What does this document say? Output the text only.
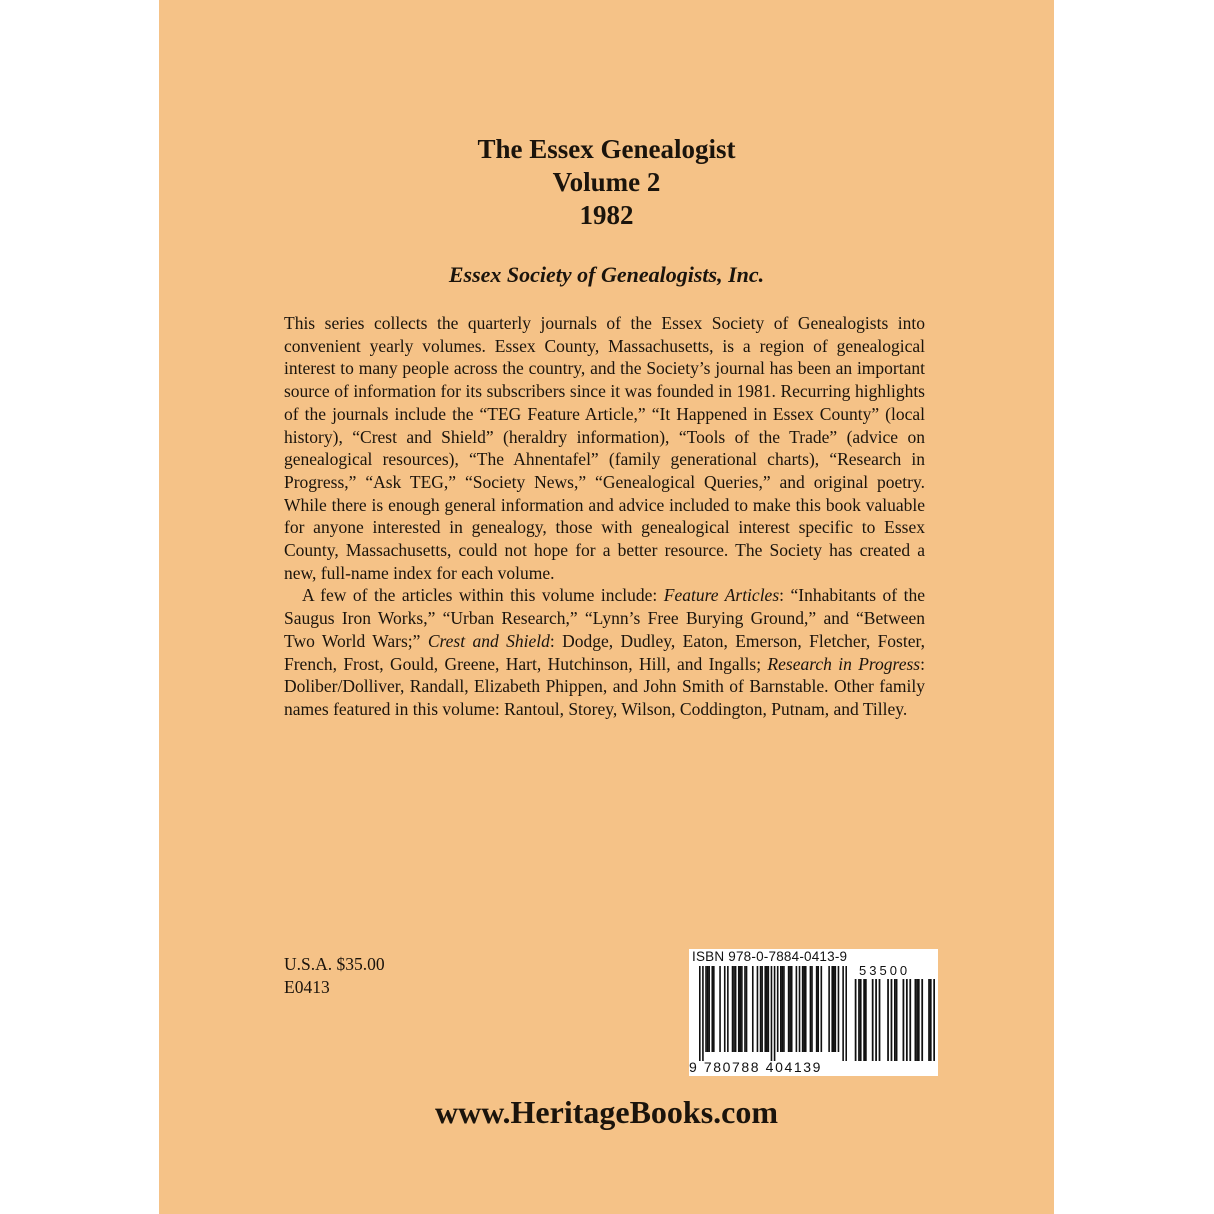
The Essex Genealogist
Volume 2
1982
Essex Society of Genealogists, Inc.

This series collects the quarterly journals of the Essex Society of Genealogists into convenient yearly volumes. Essex County, Massachusetts, is a region of genealogical interest to many people across the country, and the Society’s journal has been an important source of information for its subscribers since it was founded in 1981. Recurring highlights of the journals include the “TEG Feature Article,” “It Happened in Essex County” (local history), “Crest and Shield” (heraldry information), “Tools of the Trade” (advice on genealogical resources), “The Ahnentafel” (family generational charts), “Research in Progress,” “Ask TEG,” “Society News,” “Genealogical Queries,” and original poetry. While there is enough general information and advice included to make this book valuable for anyone interested in genealogy, those with genealogical interest specific to Essex County, Massachusetts, could not hope for a better resource. The Society has created a new, full-name index for each volume.

A few of the articles within this volume include: Feature Articles: “Inhabitants of the Saugus Iron Works,” “Urban Research,” “Lynn’s Free Burying Ground,” and “Between Two World Wars;” Crest and Shield: Dodge, Dudley, Eaton, Emerson, Fletcher, Foster, French, Frost, Gould, Greene, Hart, Hutchinson, Hill, and Ingalls; Research in Progress: Doliber/Dolliver, Randall, Elizabeth Phippen, and John Smith of Barnstable. Other family names featured in this volume: Rantoul, Storey, Wilson, Coddington, Putnam, and Tilley.

U.S.A. $35.00
E0413
ISBN 978-0-7884-0413-9
53500
9 780788 404139
www.HeritageBooks.com
